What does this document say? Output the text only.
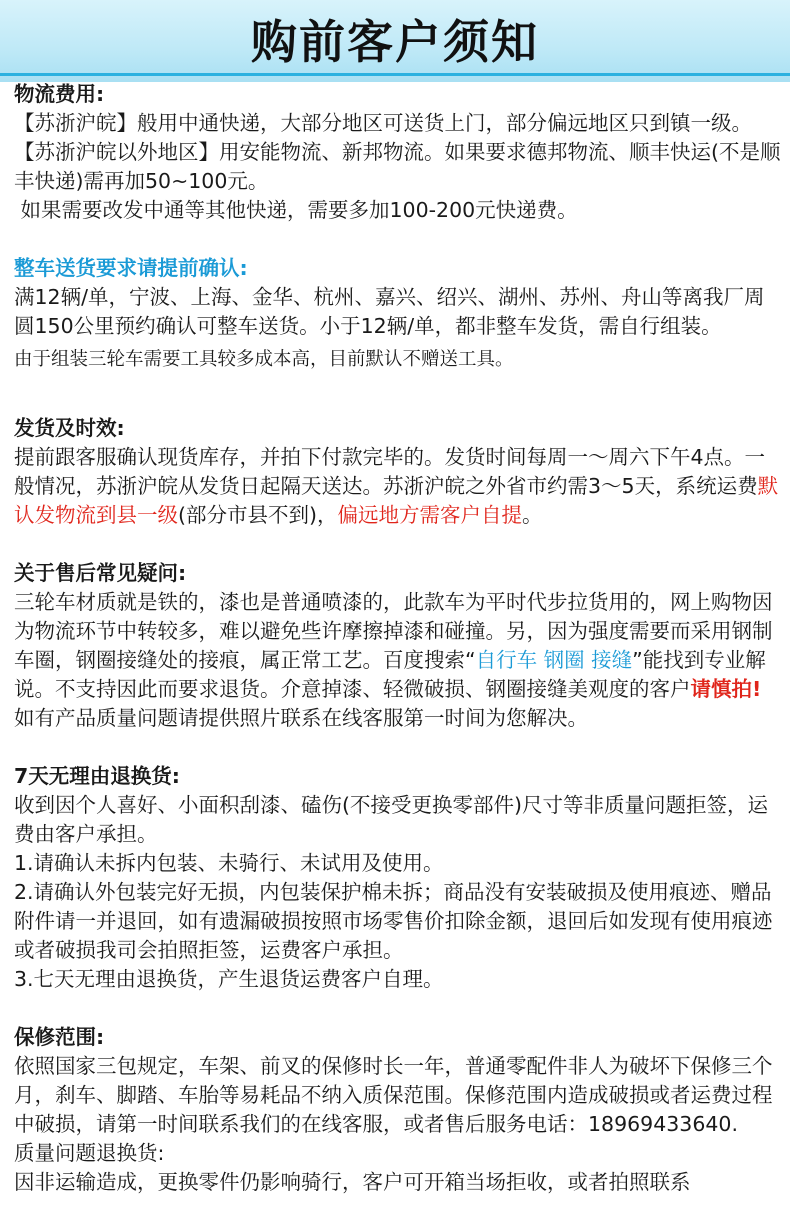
购前客户须知

物流费用:

【苏浙沪皖】般用中通快递，大部分地区可送货上门，部分偏远地区只到镇一级。

【苏浙沪皖以外地区】用安能物流、新邦物流。如果要求德邦物流、顺丰快运(不是顺丰快递)需再加50~100元。

如果需要改发中通等其他快递，需要多加100-200元快递费。

整车送货要求请提前确认:

满12辆/单，宁波、上海、金华、杭州、嘉兴、绍兴、湖州、苏州、舟山等离我厂周圆150公里预约确认可整车送货。小于12辆/单，都非整车发货，需自行组装。

由于组装三轮车需要工具较多成本高，目前默认不赠送工具。

发货及时效:

提前跟客服确认现货库存，并拍下付款完毕的。发货时间每周一～周六下午4点。一般情况，苏浙沪皖从发货日起隔天送达。苏浙沪皖之外省市约需3～5天，系统运费默认发物流到县一级(部分市县不到)，偏远地方需客户自提。

关于售后常见疑问:

三轮车材质就是铁的，漆也是普通喷漆的，此款车为平时代步拉货用的，网上购物因为物流环节中转较多，难以避免些许摩擦掉漆和碰撞。另，因为强度需要而采用钢制车圈，钢圈接缝处的接痕，属正常工艺。百度搜索“自行车 钢圈 接缝”能找到专业解说。不支持因此而要求退货。介意掉漆、轻微破损、钢圈接缝美观度的客户请慎拍!

如有产品质量问题请提供照片联系在线客服第一时间为您解决。

7天无理由退换货:

收到因个人喜好、小面积刮漆、磕伤(不接受更换零部件)尺寸等非质量问题拒签，运费由客户承担。

1.请确认未拆内包装、未骑行、未试用及使用。

2.请确认外包装完好无损，内包装保护棉未拆；商品没有安装破损及使用痕迹、赠品 附件请一并退回，如有遗漏破损按照市场零售价扣除金额，退回后如发现有使用痕迹 或者破损我司会拍照拒签，运费客户承担。

3.七天无理由退换货，产生退货运费客户自理。

保修范围:

依照国家三包规定，车架、前叉的保修时长一年，普通零配件非人为破坏下保修三个月，刹车、脚踏、车胎等易耗品不纳入质保范围。保修范围内造成破损或者运费过程中破损，请第一时间联系我们的在线客服，或者售后服务电话：18969433640.

质量问题退换货:

因非运输造成，更换零件仍影响骑行，客户可开箱当场拒收，或者拍照联系
